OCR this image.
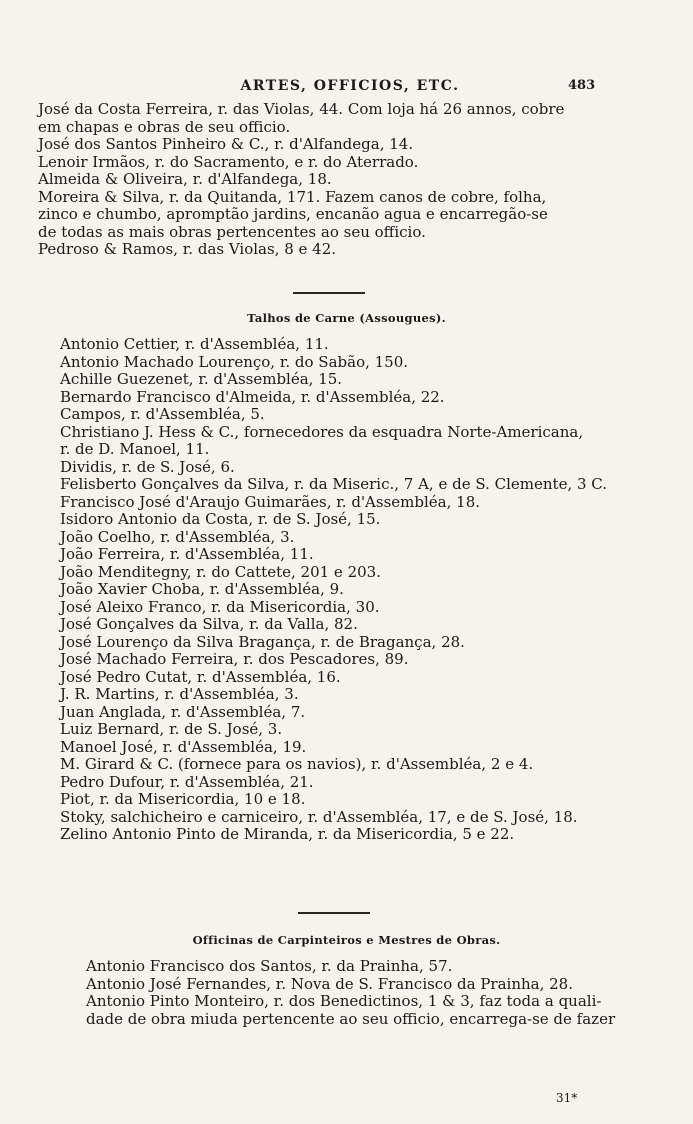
ARTES, OFFICIOS, ETC.	483
José da Costa Ferreira, r. das Violas, 44. Com loja há 26 annos, cobre
em chapas e obras de seu officio.
José dos Santos Pinheiro & C., r. d'Alfandega, 14.
Lenoir Irmãos, r. do Sacramento, e r. do Aterrado.
Almeida & Oliveira, r. d'Alfandega, 18.
Moreira & Silva, r. da Quitanda, 171. Fazem canos de cobre, folha,
zinco e chumbo, apromptão jardins, encanão agua e encarregão-se
de todas as mais obras pertencentes ao seu officio.
Pedroso & Ramos, r. das Violas, 8 e 42.
Talhos de Carne (Assougues).
Antonio Cettier, r. d'Assembléa, 11.
Antonio Machado Lourenço, r. do Sabão, 150.
Achille Guezenet, r. d'Assembléa, 15.
Bernardo Francisco d'Almeida, r. d'Assembléa, 22.
Campos, r. d'Assembléa, 5.
Christiano J. Hess & C., fornecedores da esquadra Norte-Americana,
r. de D. Manoel, 11.
Dividis, r. de S. José, 6.
Felisberto Gonçalves da Silva, r. da Miseric., 7 A, e de S. Clemente, 3 C.
Francisco José d'Araujo Guimarães, r. d'Assembléa, 18.
Isidoro Antonio da Costa, r. de S. José, 15.
João Coelho, r. d'Assembléa, 3.
João Ferreira, r. d'Assembléa, 11.
João Menditegny, r. do Cattete, 201 e 203.
João Xavier Choba, r. d'Assembléa, 9.
José Aleixo Franco, r. da Misericordia, 30.
José Gonçalves da Silva, r. da Valla, 82.
José Lourenço da Silva Bragança, r. de Bragança, 28.
José Machado Ferreira, r. dos Pescadores, 89.
José Pedro Cutat, r. d'Assembléa, 16.
J. R. Martins, r. d'Assembléa, 3.
Juan Anglada, r. d'Assembléa, 7.
Luiz Bernard, r. de S. José, 3.
Manoel José, r. d'Assembléa, 19.
M. Girard & C. (fornece para os navios), r. d'Assembléa, 2 e 4.
Pedro Dufour, r. d'Assembléa, 21.
Piot, r. da Misericordia, 10 e 18.
Stoky, salchicheiro e carniceiro, r. d'Assembléa, 17, e de S. José, 18.
Zelino Antonio Pinto de Miranda, r. da Misericordia, 5 e 22.
Officinas de Carpinteiros e Mestres de Obras.
Antonio Francisco dos Santos, r. da Prainha, 57.
Antonio José Fernandes, r. Nova de S. Francisco da Prainha, 28.
Antonio Pinto Monteiro, r. dos Benedictinos, 1 & 3, faz toda a quali-
dade de obra miuda pertencente ao seu officio, encarrega-se de fazer
31*
